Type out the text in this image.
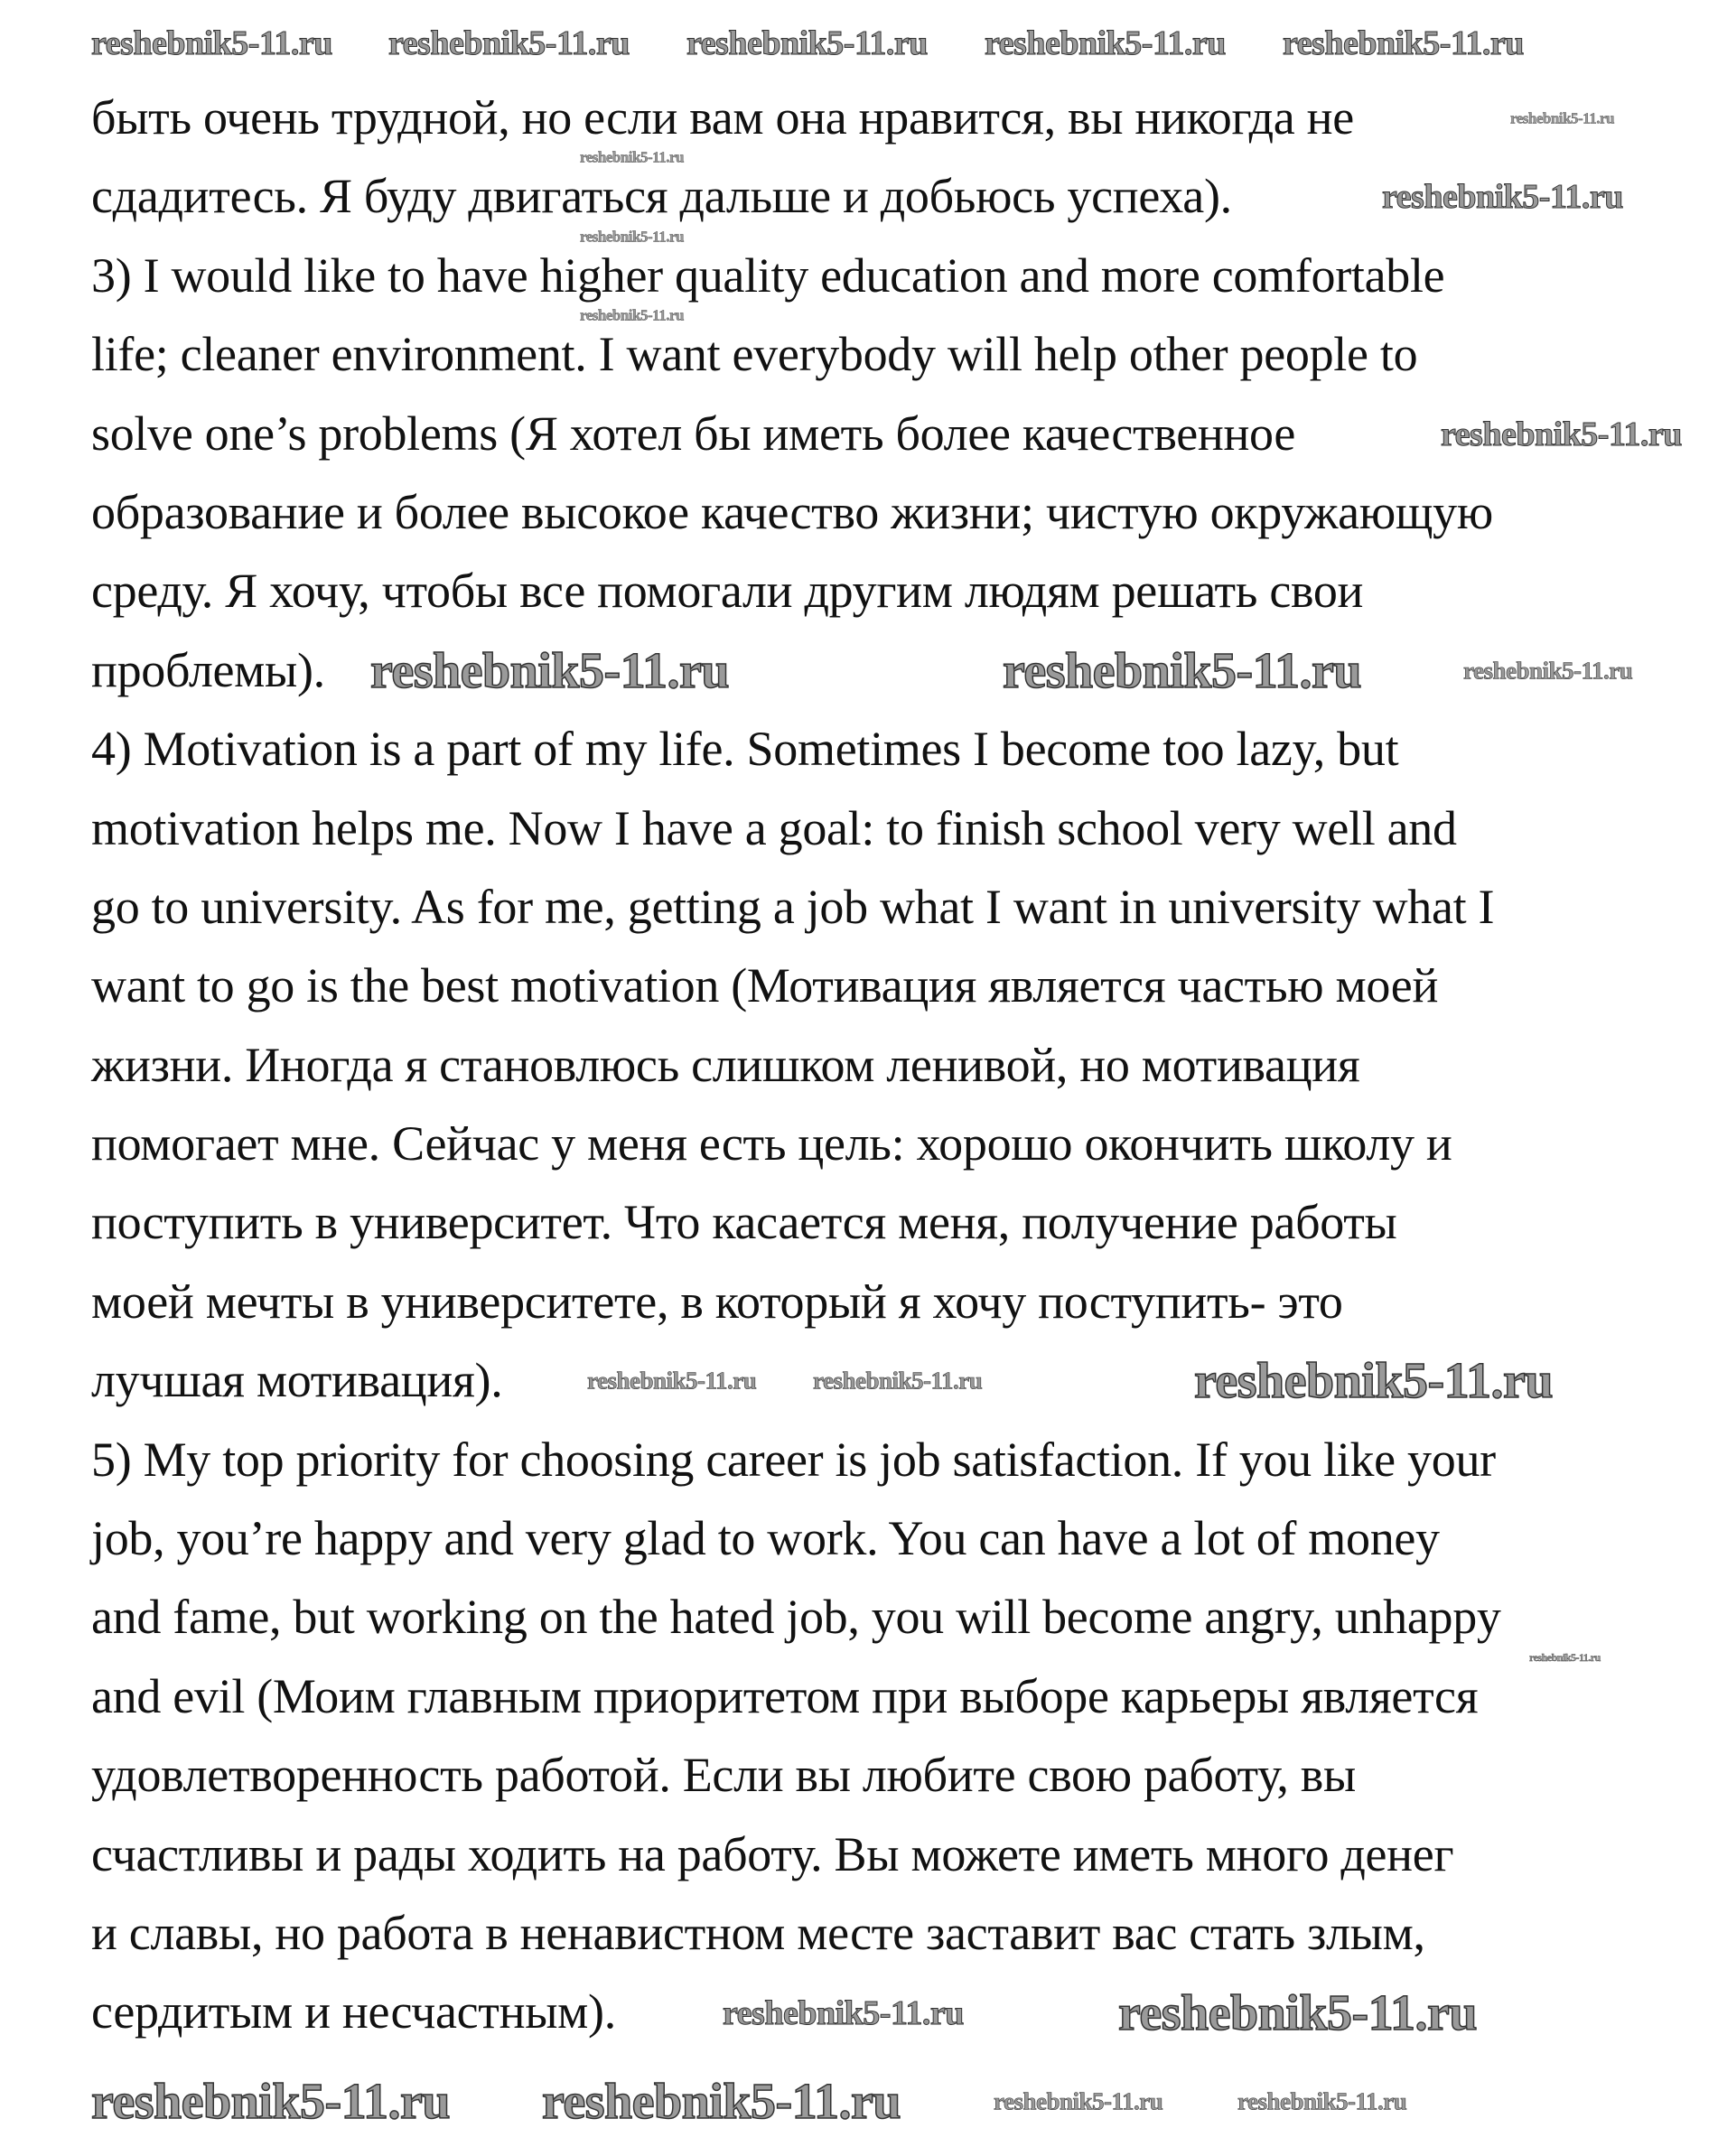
быть очень трудной, но если вам она нравится, вы никогда не
сдадитесь. Я буду двигаться дальше и добьюсь успеха).
3) I would like to have higher quality education and more comfortable
life; cleaner environment. I want everybody will help other people to
solve one’s problems (Я хотел бы иметь более качественное
образование и более высокое качество жизни; чистую окружающую
среду. Я хочу, чтобы все помогали другим людям решать свои
проблемы).
4) Motivation is a part of my life. Sometimes I become too lazy, but
motivation helps me. Now I have a goal: to finish school very well and
go to university. As for me, getting a job what I want in university what I
want to go is the best motivation (Мотивация является частью моей
жизни. Иногда я становлюсь слишком ленивой, но мотивация
помогает мне. Сейчас у меня есть цель: хорошо окончить школу и
поступить в университет. Что касается меня, получение работы
моей мечты в университете, в который я хочу поступить- это
лучшая мотивация).
5) My top priority for choosing career is job satisfaction. If you like your
job, you’re happy and very glad to work. You can have a lot of money
and fame, but working on the hated job, you will become angry, unhappy
and evil (Моим главным приоритетом при выборе карьеры является
удовлетворенность работой. Если вы любите свою работу, вы
счастливы и рады ходить на работу. Вы можете иметь много денег
и славы, но работа в ненавистном месте заставит вас стать злым,
сердитым и несчастным).
reshebnik5-11.ru reshebnik5-11.ru reshebnik5-11.ru reshebnik5-11.ru reshebnik5-11.ru
reshebnik5-11.ru
reshebnik5-11.ru
reshebnik5-11.ru
reshebnik5-11.ru
reshebnik5-11.ru
reshebnik5-11.ru
reshebnik5-11.ru	reshebnik5-11.ru	reshebnik5-11.ru
reshebnik5-11.ru reshebnik5-11.ru	reshebnik5-11.ru
reshebnik5-11.ru
reshebnik5-11.ru	reshebnik5-11.ru
reshebnik5-11.ru reshebnik5-11.ru	reshebnik5-11.ru	reshebnik5-11.ru
